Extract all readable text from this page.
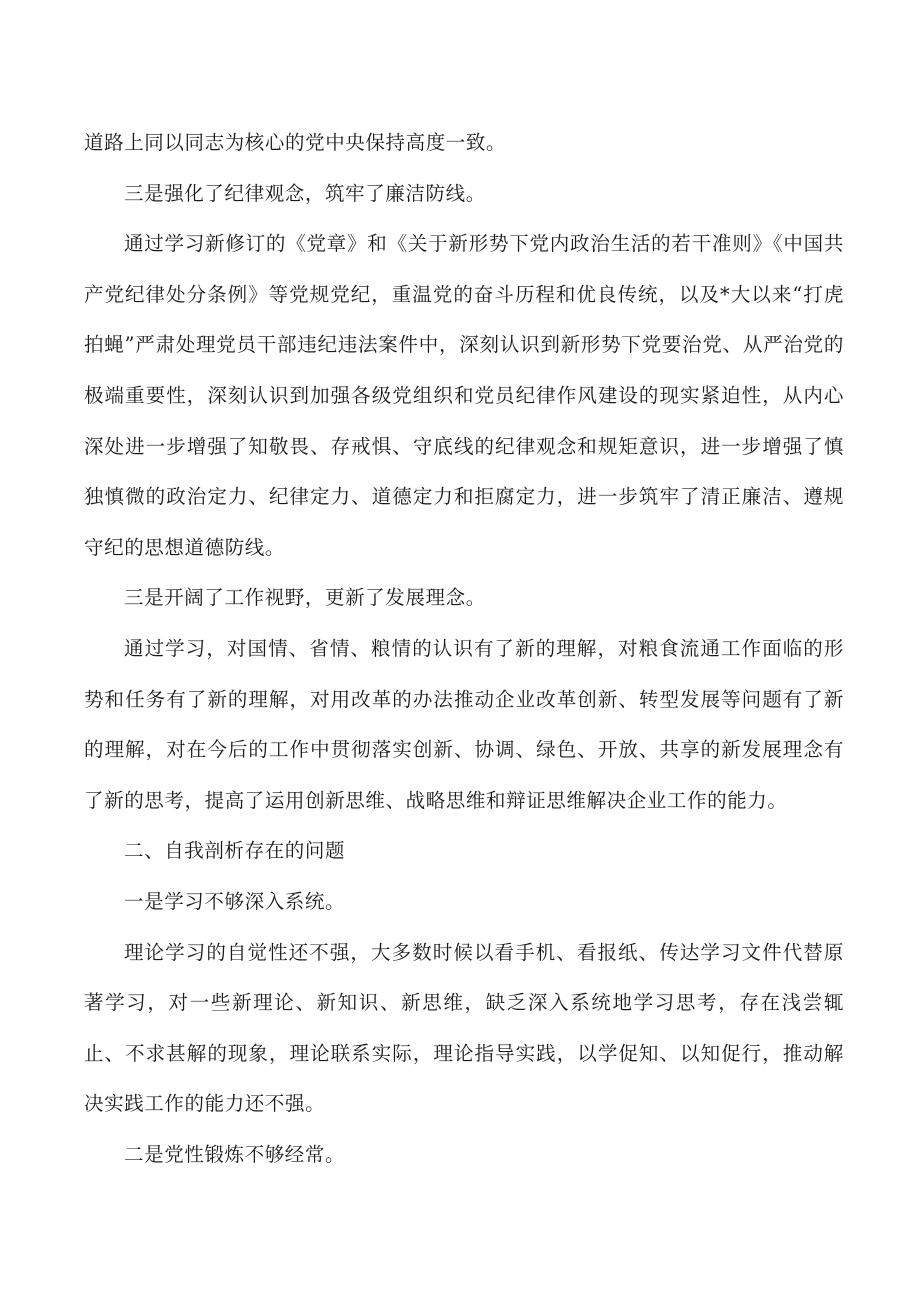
道路上同以同志为核心的党中央保持高度一致。

三是强化了纪律观念，筑牢了廉洁防线。

通过学习新修订的《党章》和《关于新形势下党内政治生活的若干准则》《中国共产党纪律处分条例》等党规党纪，重温党的奋斗历程和优良传统，以及*大以来“打虎拍蝇”严肃处理党员干部违纪违法案件中，深刻认识到新形势下党要治党、从严治党的极端重要性，深刻认识到加强各级党组织和党员纪律作风建设的现实紧迫性，从内心深处进一步增强了知敬畏、存戒惧、守底线的纪律观念和规矩意识，进一步增强了慎独慎微的政治定力、纪律定力、道德定力和拒腐定力，进一步筑牢了清正廉洁、遵规守纪的思想道德防线。

三是开阔了工作视野，更新了发展理念。

通过学习，对国情、省情、粮情的认识有了新的理解，对粮食流通工作面临的形势和任务有了新的理解，对用改革的办法推动企业改革创新、转型发展等问题有了新的理解，对在今后的工作中贯彻落实创新、协调、绿色、开放、共享的新发展理念有了新的思考，提高了运用创新思维、战略思维和辩证思维解决企业工作的能力。

二、自我剖析存在的问题

一是学习不够深入系统。

理论学习的自觉性还不强，大多数时候以看手机、看报纸、传达学习文件代替原著学习，对一些新理论、新知识、新思维，缺乏深入系统地学习思考，存在浅尝辄止、不求甚解的现象，理论联系实际，理论指导实践，以学促知、以知促行，推动解决实践工作的能力还不强。

二是党性锻炼不够经常。
